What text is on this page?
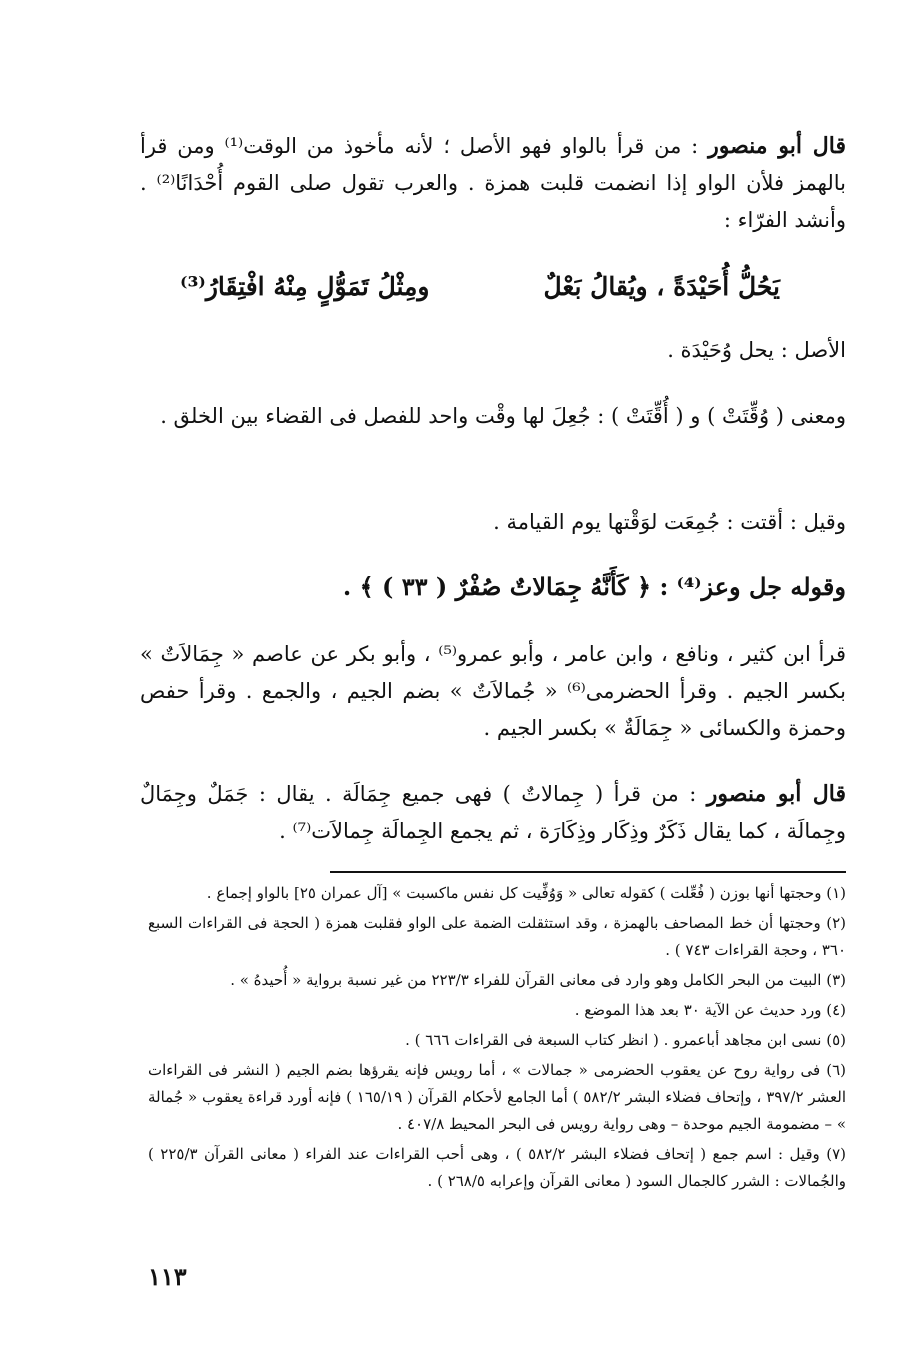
قال أبو منصور : من قرأ بالواو فهو الأصل ؛ لأنه مأخوذ من الوقت⁽¹⁾ ومن قرأ بالهمز فلأن الواو إذا انضمت قلبت همزة . والعرب تقول صلى القوم أُحْدَانًا⁽²⁾ . وأنشد الفرّاء :

يَحُلُّ أُحَيْدَةً ، ويُقالُ بَعْلٌ
ومِثْلُ تَمَوُّلٍ مِنْهُ افْتِقَارُ⁽³⁾

الأصل : يحل وُحَيْدَة .

ومعنى ( وُقِّتَتْ ) و ( أُقِّتَتْ ) : جُعِلَ لها وقْت واحد للفصل فى القضاء بين الخلق .

وقيل : أقتت : جُمِعَت لوَقْتها يوم القيامة .

وقوله جل وعز⁽⁴⁾ : ﴿ كَأَنَّهُ جِمَالاتٌ صُفْرٌ ( ٣٣ ) ﴾ .

قرأ ابن كثير ، ونافع ، وابن عامر ، وأبو عمرو⁽⁵⁾ ، وأبو بكر عن عاصم « جِمَالاَتٌ » بكسر الجيم . وقرأ الحضرمى⁽⁶⁾ « جُمالاَتٌ » بضم الجيم ، والجمع . وقرأ حفص وحمزة والكسائى « جِمَالَةٌ » بكسر الجيم .

قال أبو منصور : من قرأ ( جِمالاتٌ ) فهى جميع جِمَالَة . يقال : جَمَلٌ وجِمَالٌ وجِمالَة ، كما يقال ذَكَرٌ وذِكَار وذِكَارَة ، ثم يجمع الجِمالَة جِمالاَت⁽⁷⁾ .

(١) وحجتها أنها بوزن ( فُعِّلت ) كقوله تعالى « وَوُفِّيت كل نفس ماكسبت » [آل عمران ٢٥] بالواو إجماع .

(٢) وحجتها أن خط المصاحف بالهمزة ، وقد استثقلت الضمة على الواو فقلبت همزة ( الحجة فى القراءات السبع ٣٦٠ ، وحجة القراءات ٧٤٣ ) .

(٣) البيت من البحر الكامل وهو وارد فى معانى القرآن للفراء ٢٢٣/٣ من غير نسبة برواية « أُحيدهُ » .

(٤) ورد حديث عن الآية ٣٠ بعد هذا الموضع .

(٥) نسى ابن مجاهد أباعمرو . ( انظر كتاب السبعة فى القراءات ٦٦٦ ) .

(٦) فى رواية روح عن يعقوب الحضرمى « جمالات » ، أما رويس فإنه يقرؤها بضم الجيم ( النشر فى القراءات العشر ٣٩٧/٢ ، وإتحاف فضلاء البشر ٥٨٢/٢ ) أما الجامع لأحكام القرآن ( ١٦٥/١٩ ) فإنه أورد قراءة يعقوب « جُمالة » – مضمومة الجيم موحدة – وهى رواية رويس فى البحر المحيط ٤٠٧/٨ .

(٧) وقيل : اسم جمع ( إتحاف فضلاء البشر ٥٨٢/٢ ) ، وهى أحب القراءات عند الفراء ( معانى القرآن ٢٢٥/٣ ) والجُمالات : الشرر كالجمال السود ( معانى القرآن وإعرابه ٢٦٨/٥ ) .

١١٣
